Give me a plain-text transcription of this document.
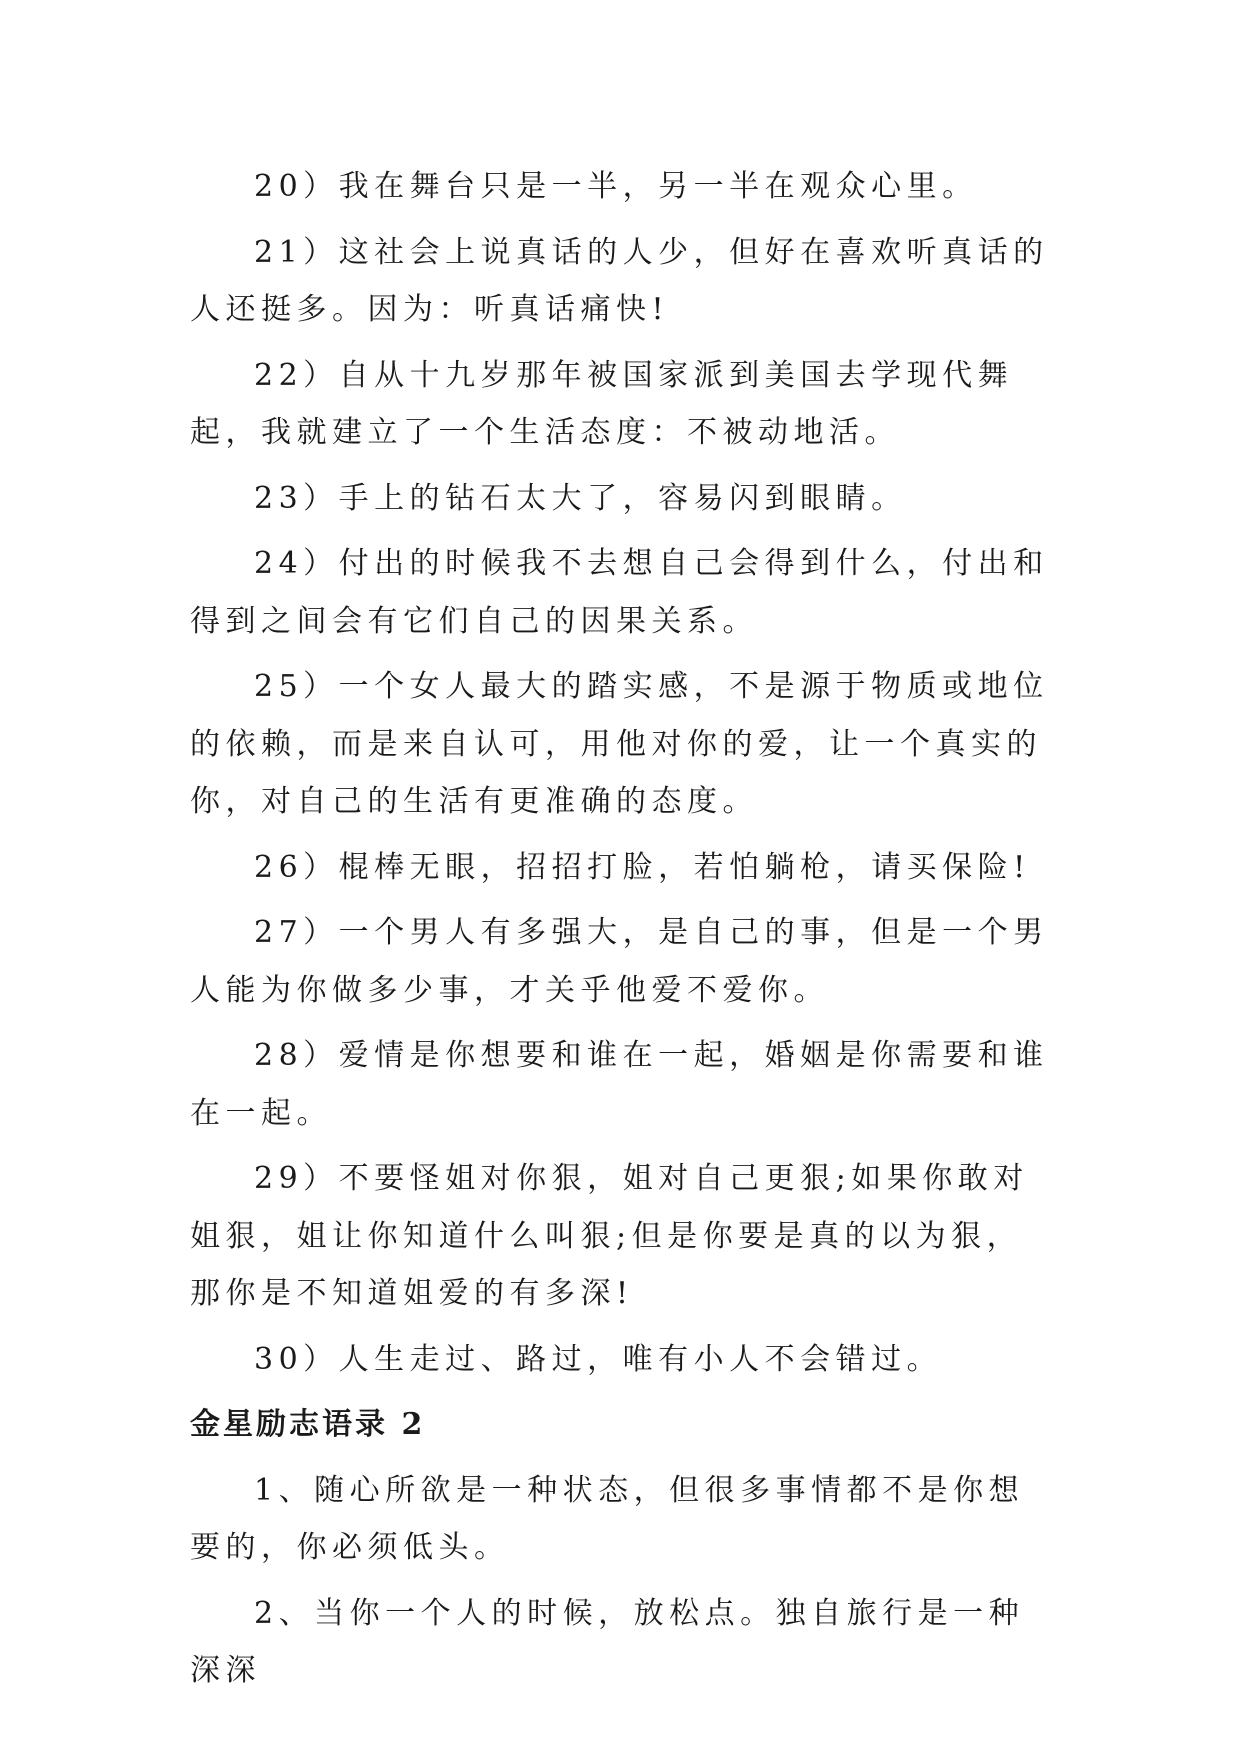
20）我在舞台只是一半，另一半在观众心里。

21）这社会上说真话的人少，但好在喜欢听真话的人还挺多。因为：听真话痛快!

22）自从十九岁那年被国家派到美国去学现代舞起，我就建立了一个生活态度：不被动地活。

23）手上的钻石太大了，容易闪到眼睛。

24）付出的时候我不去想自己会得到什么，付出和得到之间会有它们自己的因果关系。

25）一个女人最大的踏实感，不是源于物质或地位的依赖，而是来自认可，用他对你的爱，让一个真实的你，对自己的生活有更准确的态度。

26）棍棒无眼，招招打脸，若怕躺枪，请买保险!

27）一个男人有多强大，是自己的事，但是一个男人能为你做多少事，才关乎他爱不爱你。

28）爱情是你想要和谁在一起，婚姻是你需要和谁在一起。

29）不要怪姐对你狠，姐对自己更狠;如果你敢对姐狠，姐让你知道什么叫狠;但是你要是真的以为狠，那你是不知道姐爱的有多深!

30）人生走过、路过，唯有小人不会错过。

金星励志语录 2

1、随心所欲是一种状态，但很多事情都不是你想要的，你必须低头。

2、当你一个人的时候，放松点。独自旅行是一种深深
